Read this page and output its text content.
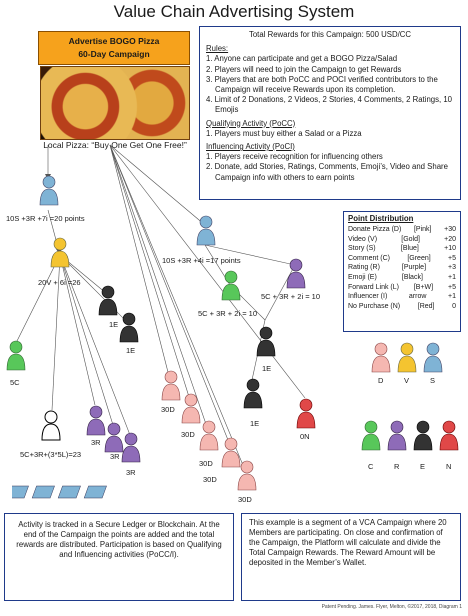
Value Chain Advertising System
Advertise BOGO Pizza
60-Day Campaign
Local Pizza: “Buy One Get One Free!”
Total Rewards for this Campaign: 500 USD/CC
Rules:
1. Anyone can participate and get a BOGO Pizza/Salad
2. Players will need to join the Campaign to get Rewards
3. Players that are both PoCC and POCI verified contributors to the Campaign will receive Rewards upon its completion.
4. Limit of 2 Donations, 2 Videos, 2 Stories, 4 Comments, 2 Ratings, 10 Emojis
Qualifying Activity (PoCC)
1. Players must buy either a Salad or a Pizza
Influencing Activity (PoCI)
1. Players receive recognition for influencing others
2. Donate, add Stories, Ratings, Comments, Emoji’s, Video and Share Campaign info with others to earn points
10S +3R +7i =20 points
20V + 6i =26
5C
1E
1E
5C+3R+(3*5L)=23
3R
3R
3R
30D
30D
30D
30D
30D
10S +3R +4i =17 points
5C + 3R + 2i = 10
5C + 3R + 2i = 10
1E
1E
0N
Point Distribution
Donate Pizza (D) [Pink] +30
Video (V)	[Gold]	+20
Story (S)	[Blue]	+10
Comment (C) [Green] +5
Rating (R)	[Purple]	+3
Emoji (E)	[Black]	+1
Forward Link (L) [B+W] +5
Influencer (I)	arrow	+1
No Purchase (N)	[Red]	0
D	V	S
C	R	E	N
Activity is tracked in a Secure Ledger or Blockchain. At the end of the Campaign the points are added and the total rewards are distributed. Participation is based on Qualifying and Influencing activities (PoCC/I).
This example is a segment of a VCA Campaign where 20 Members are participating. On close and confirmation of the Campaign, the Platform will calculate and divide the Total Campaign Rewards. The Reward Amount will be deposited in the Member’s Wallet.
Patent Pending. James. Flyer, Melton, ©2017, 2018, Diagram 1
